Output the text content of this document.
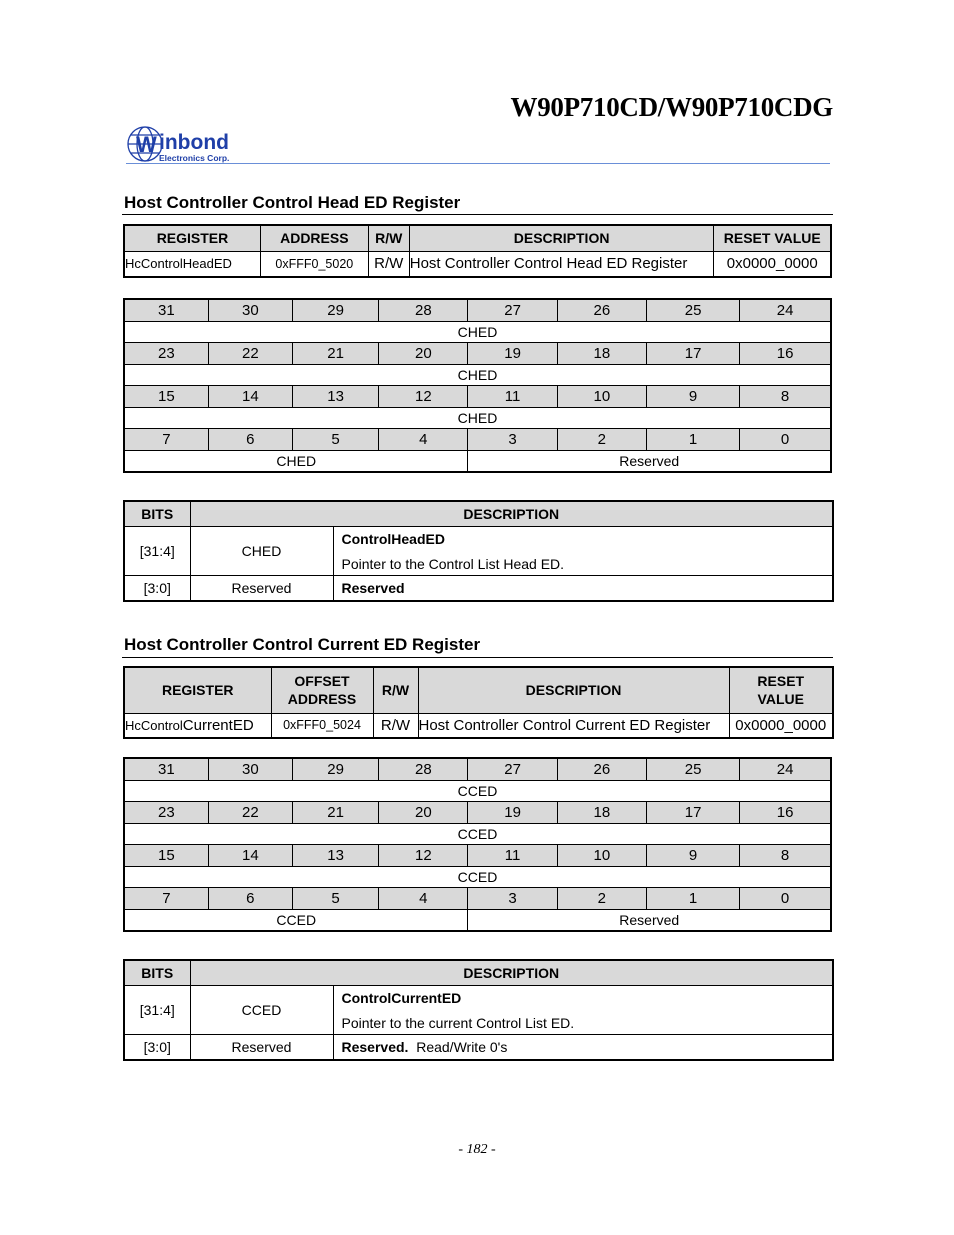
W90P710CD/W90P710CDG
W inbond
Electronics Corp.
Host Controller Control Head ED Register
REGISTER	ADDRESS	R/W	DESCRIPTION	RESET VALUE
HcControlHeadED	0xFFF0_5020	R/W	Host Controller Control Head ED Register	0x0000_0000
31	30	29	28	27	26	25	24
CHED							
23	22	21	20	19	18	17	16
CHED							
15	14	13	12	11	10	9	8
CHED							
7	6	5	4	3	2	1	0
CHED				Reserved			
BITS	DESCRIPTION	
[31:4]	CHED	ControlHeadED
Pointer to the Control List Head ED.

[3:0]	Reserved	Reserved
Host Controller Control Current ED Register
REGISTER	OFFSET ADDRESS	R/W	DESCRIPTION	RESET VALUE
HcControlCurrentED	0xFFF0_5024	R/W	Host Controller Control Current ED Register	0x0000_0000
31	30	29	28	27	26	25	24
CCED							
23	22	21	20	19	18	17	16
CCED							
15	14	13	12	11	10	9	8
CCED							
7	6	5	4	3	2	1	0
CCED				Reserved			
BITS	DESCRIPTION	
[31:4]	CCED	ControlCurrentED
Pointer to the current Control List ED.

[3:0]	Reserved	Reserved.  Read/Write 0's
- 182 -
